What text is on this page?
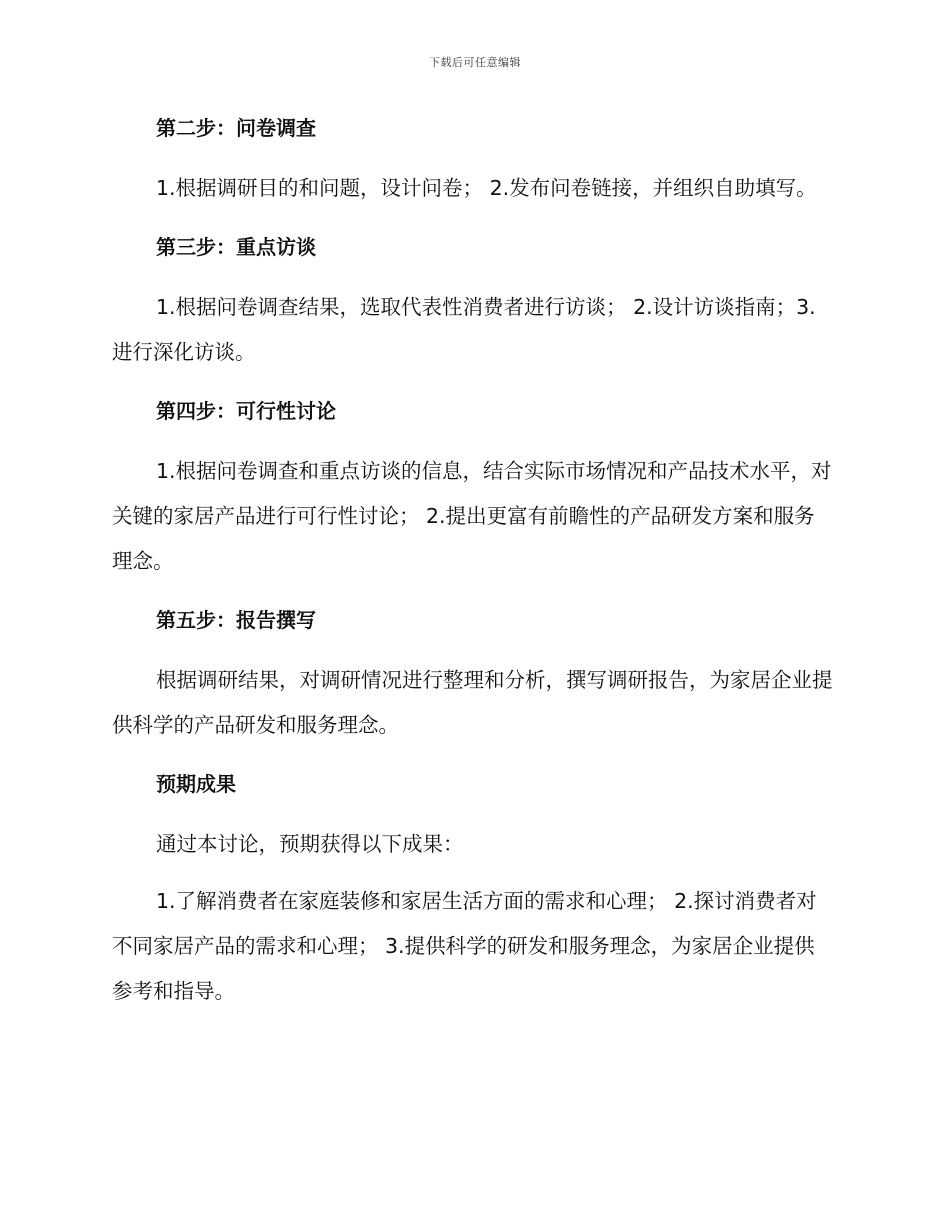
下载后可任意编辑
第二步：问卷调查

1.根据调研目的和问题，设计问卷； 2.发布问卷链接，并组织自助填写。

第三步：重点访谈

1.根据问卷调查结果，选取代表性消费者进行访谈； 2.设计访谈指南；3.进行深化访谈。

第四步：可行性讨论

1.根据问卷调查和重点访谈的信息，结合实际市场情况和产品技术水平，对关键的家居产品进行可行性讨论； 2.提出更富有前瞻性的产品研发方案和服务理念。

第五步：报告撰写

根据调研结果，对调研情况进行整理和分析，撰写调研报告，为家居企业提供科学的产品研发和服务理念。

预期成果

通过本讨论，预期获得以下成果：

1.了解消费者在家庭装修和家居生活方面的需求和心理； 2.探讨消费者对不同家居产品的需求和心理； 3.提供科学的研发和服务理念，为家居企业提供参考和指导。
